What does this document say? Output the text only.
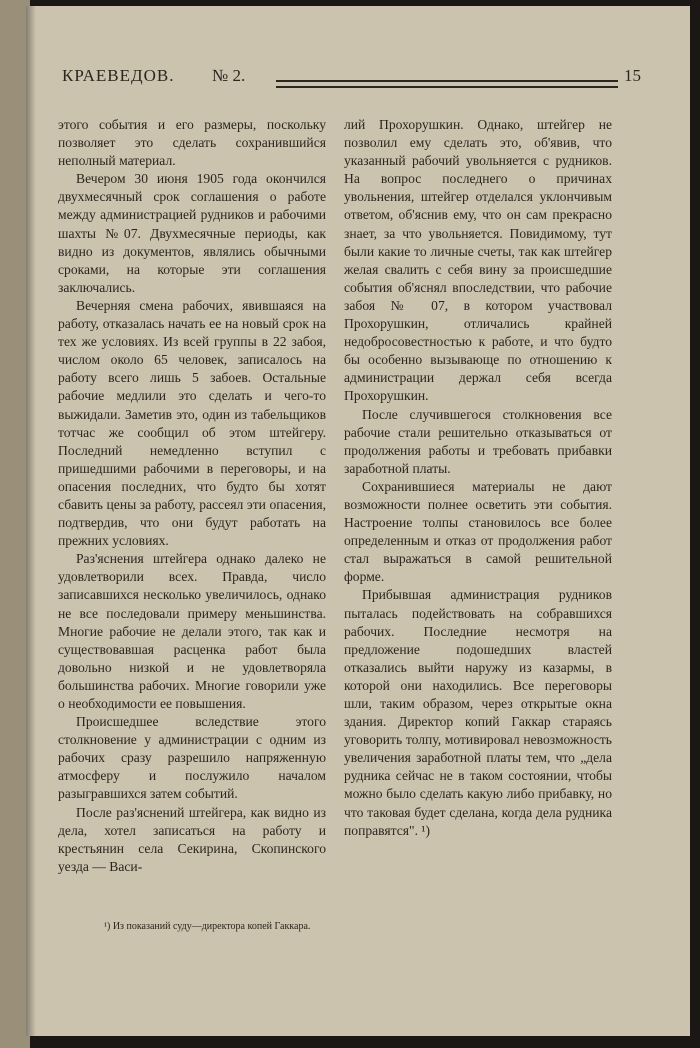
КРАЕВЕДОВ. № 2.	15

этого события и его размеры, поскольку позволяет это сделать сохранившийся неполный материал.

Вечером 30 июня 1905 года окончился двухмесячный срок соглашения о работе между администрацией рудников и рабочими шахты №07. Двухмесячные периоды, как видно из документов, являлись обычными сроками, на которые эти соглашения заключались.

Вечерняя смена рабочих, явившаяся на работу, отказалась начать ее на новый срок на тех же условиях. Из всей группы в 22 забоя, числом около 65 человек, записалось на работу всего лишь 5 забоев. Остальные рабочие медлили это сделать и чего-то выжидали. Заметив это, один из табельщиков тотчас же сообщил об этом штейгеру. Последний немедленно вступил с пришедшими рабочими в переговоры, и на опасения последних, что будто бы хотят сбавить цены за работу, рассеял эти опасения, подтвердив, что они будут работать на прежних условиях.

Раз'яснения штейгера однако далеко не удовлетворили всех. Правда, число записавшихся несколько увеличилось, однако не все последовали примеру меньшинства. Многие рабочие не делали этого, так как и существовавшая расценка работ была довольно низкой и не удовлетворяла большинства рабочих. Многие говорили уже о необходимости ее повышения.

Происшедшее вследствие этого столкновение у администрации с одним из рабочих сразу разрешило напряженную атмосферу и послужило началом разыгравшихся затем событий.

После раз'яснений штейгера, как видно из дела, хотел записаться на работу и крестьянин села Секирина, Скопинского уезда — Васи-

лий Прохорушкин. Однако, штейгер не позволил ему сделать это, об'явив, что указанный рабочий увольняется с рудников. На вопрос последнего о причинах увольнения, штейгер отделался уклончивым ответом, об'яснив ему, что он сам прекрасно знает, за что увольняется. Повидимому, тут были какие то личные счеты, так как штейгер желая свалить с себя вину за происшедшие события об'яснял впоследствии, что рабочие забоя № 07, в котором участвовал Прохорушкин, отличались крайней недобросовестностью к работе, и что будто бы особенно вызывающе по отношению к администрации держал себя всегда Прохорушкин.

После случившегося столкновения все рабочие стали решительно отказываться от продолжения работы и требовать прибавки заработной платы.

Сохранившиеся материалы не дают возможности полнее осветить эти события. Настроение толпы становилось все более определенным и отказ от продолжения работ стал выражаться в самой решительной форме.

Прибывшая администрация рудников пыталась подействовать на собравшихся рабочих. Последние несмотря на предложение подошедших властей отказались выйти наружу из казармы, в которой они находились. Все переговоры шли, таким образом, через открытые окна здания. Директор копий Гаккар стараясь уговорить толпу, мотивировал невозможность увеличения заработной платы тем, что „дела рудника сейчас не в таком состоянии, чтобы можно было сделать какую либо прибавку, но что таковая будет сделана, когда дела рудника поправятся". ¹)

¹) Из показаний суду—директора копей Гаккара.
